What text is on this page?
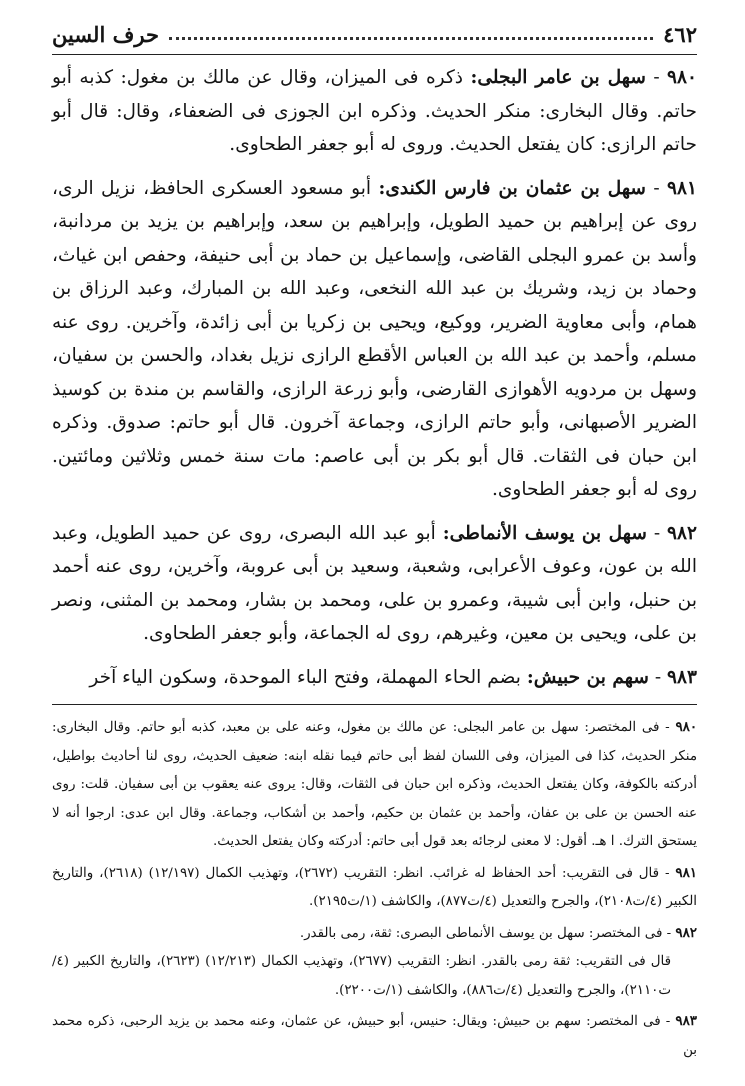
٤٦٢
حرف السين
٩٨٠ - سهل بن عامر البجلى: ذكره فى الميزان، وقال عن مالك بن مغول: كذبه أبو حاتم. وقال البخارى: منكر الحديث. وذكره ابن الجوزى فى الضعفاء، وقال: قال أبو حاتم الرازى: كان يفتعل الحديث. وروى له أبو جعفر الطحاوى.
٩٨١ - سهل بن عثمان بن فارس الكندى: أبو مسعود العسكرى الحافظ، نزيل الرى، روى عن إبراهيم بن حميد الطويل، وإبراهيم بن سعد، وإبراهيم بن يزيد بن مردانبة، وأسد بن عمرو البجلى القاضى، وإسماعيل بن حماد بن أبى حنيفة، وحفص ابن غياث، وحماد بن زيد، وشريك بن عبد الله النخعى، وعبد الله بن المبارك، وعبد الرزاق بن همام، وأبى معاوية الضرير، ووكيع، ويحيى بن زكريا بن أبى زائدة، وآخرين. روى عنه مسلم، وأحمد بن عبد الله بن العباس الأقطع الرازى نزيل بغداد، والحسن بن سفيان، وسهل بن مردويه الأهوازى القارضى، وأبو زرعة الرازى، والقاسم بن مندة بن كوسيذ الضرير الأصبهانى، وأبو حاتم الرازى، وجماعة آخرون. قال أبو حاتم: صدوق. وذكره ابن حبان فى الثقات. قال أبو بكر بن أبى عاصم: مات سنة خمس وثلاثين ومائتين. روى له أبو جعفر الطحاوى.
٩٨٢ - سهل بن يوسف الأنماطى: أبو عبد الله البصرى، روى عن حميد الطويل، وعبد الله بن عون، وعوف الأعرابى، وشعبة، وسعيد بن أبى عروبة، وآخرين، روى عنه أحمد بن حنبل، وابن أبى شيبة، وعمرو بن على، ومحمد بن بشار، ومحمد بن المثنى، ونصر بن على، ويحيى بن معين، وغيرهم، روى له الجماعة، وأبو جعفر الطحاوى.
٩٨٣ - سهم بن حبيش: بضم الحاء المهملة، وفتح الباء الموحدة، وسكون الياء آخر
٩٨٠ - فى المختصر: سهل بن عامر البجلى: عن مالك بن مغول، وعنه على بن معبد، كذبه أبو حاتم. وقال البخارى: منكر الحديث، كذا فى الميزان، وفى اللسان لفظ أبى حاتم فيما نقله ابنه: ضعيف الحديث، روى لنا أحاديث بواطيل، أدركته بالكوفة، وكان يفتعل الحديث، وذكره ابن حبان فى الثقات، وقال: يروى عنه يعقوب بن أبى سفيان. قلت: روى عنه الحسن بن على بن عفان، وأحمد بن عثمان بن حكيم، وأحمد بن أشكاب، وجماعة. وقال ابن عدى: ارجوا أنه لا يستحق الترك. ا هـ. أقول: لا معنى لرجائه بعد قول أبى حاتم: أدركته وكان يفتعل الحديث.
٩٨١ - قال فى التقريب: أحد الحفاظ له غرائب. انظر: التقريب (٢٦٧٢)، وتهذيب الكمال (١٢/١٩٧) (٢٦١٨)، والتاريخ الكبير (٤/ت٢١٠٨)، والجرح والتعديل (٤/ت٨٧٧)، والكاشف (١/ت٢١٩٥).
٩٨٢ - فى المختصر: سهل بن يوسف الأنماطى البصرى: ثقة، رمى بالقدر.
قال فى التقريب: ثقة رمى بالقدر. انظر: التقريب (٢٦٧٧)، وتهذيب الكمال (١٢/٢١٣) (٢٦٢٣)، والتاريخ الكبير (٤/ت٢١١٠)، والجرح والتعديل (٤/ت٨٨٦)، والكاشف (١/ت٢٢٠٠).
٩٨٣ - فى المختصر: سهم بن حبيش: ويقال: حنيس، أبو حبيش، عن عثمان، وعنه محمد بن يزيد الرحبى، ذكره محمد بن
